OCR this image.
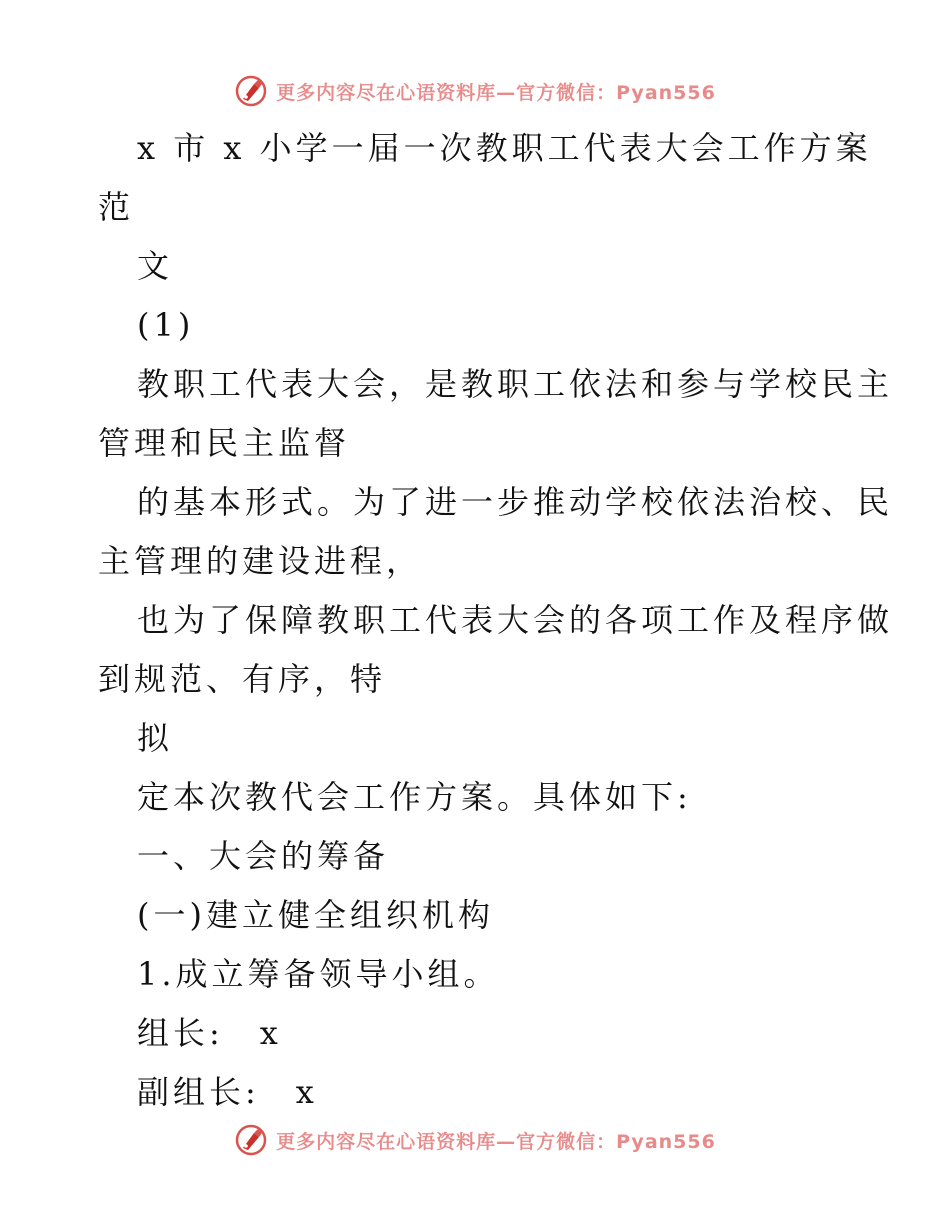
更多内容尽在心语资料库—官方微信：Pyan556
x 市 x 小学一届一次教职工代表大会工作方案
范
文
(1)
教职工代表大会，是教职工依法和参与学校民主
管理和民主监督
的基本形式。为了进一步推动学校依法治校、民
主管理的建设进程，
也为了保障教职工代表大会的各项工作及程序做
到规范、有序，特
拟
定本次教代会工作方案。具体如下:
一、大会的筹备
(一)建立健全组织机构
1.成立筹备领导小组。
组长:　x
副组长:　x
更多内容尽在心语资料库—官方微信：Pyan556
